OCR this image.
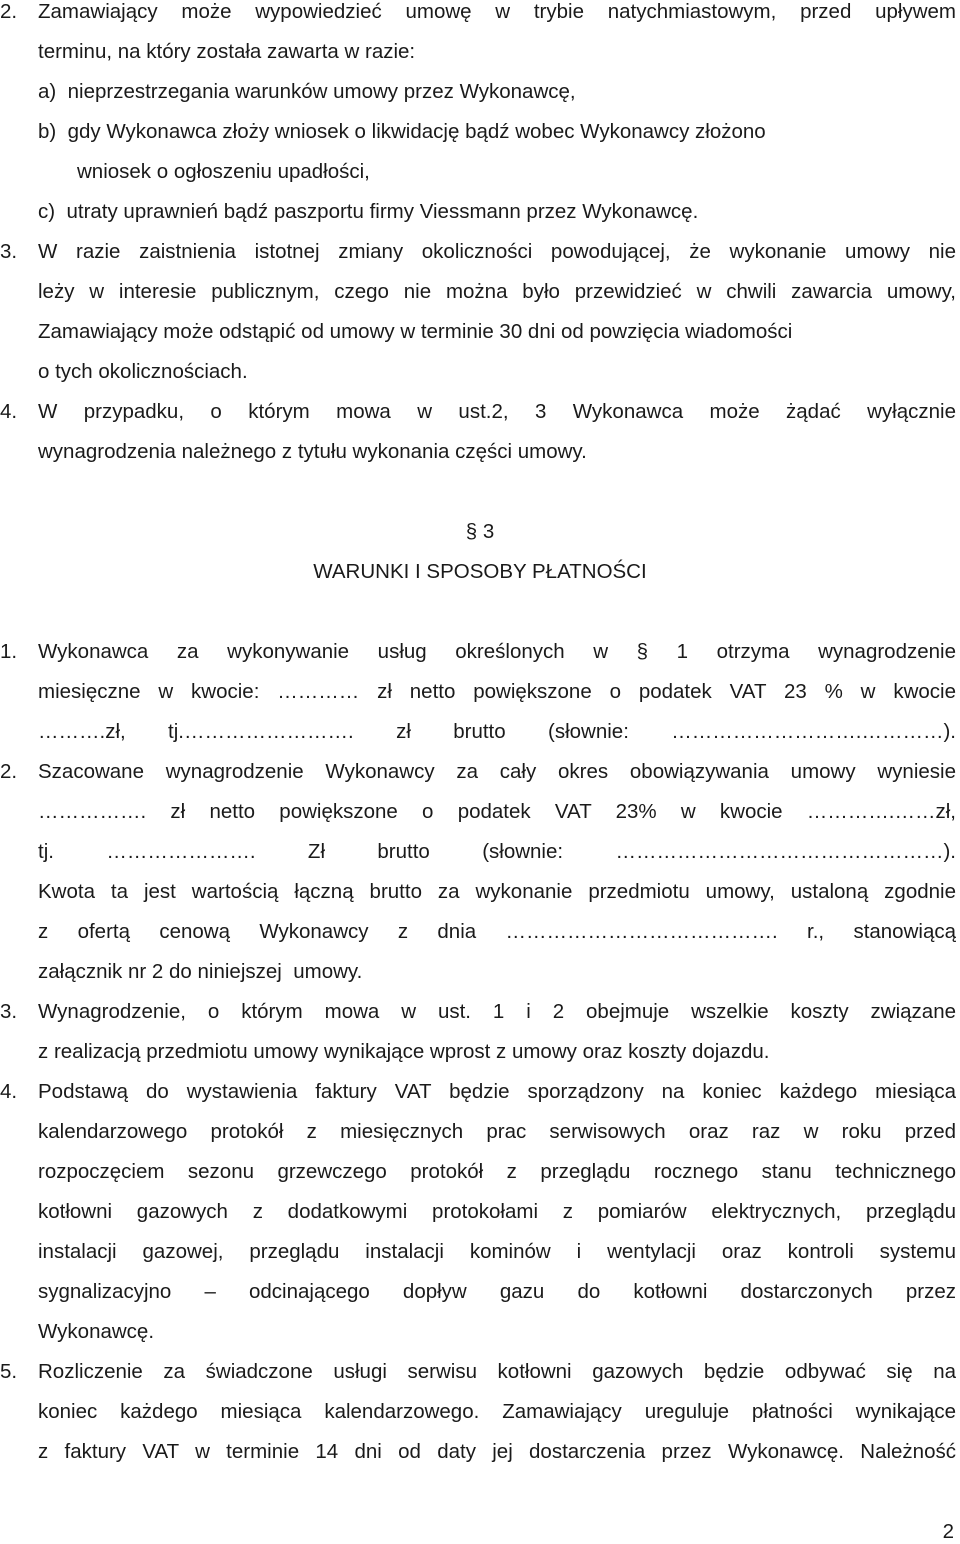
2. Zamawiający może wypowiedzieć umowę w trybie natychmiastowym, przed upływem
terminu, na który została zawarta w razie:
a)  nieprzestrzegania warunków umowy przez Wykonawcę,
b)  gdy Wykonawca złoży wniosek o likwidację bądź wobec Wykonawcy złożono
wniosek o ogłoszeniu upadłości,
c)  utraty uprawnień bądź paszportu firmy Viessmann przez Wykonawcę.
3. W razie zaistnienia istotnej zmiany okoliczności powodującej, że wykonanie umowy nie
leży w interesie publicznym, czego nie można było przewidzieć w chwili zawarcia umowy,
Zamawiający może odstąpić od umowy w terminie 30 dni od powzięcia wiadomości
o tych okolicznościach.
4. W przypadku, o którym mowa w ust.2, 3 Wykonawca może żądać wyłącznie
wynagrodzenia należnego z tytułu wykonania części umowy.
§ 3
WARUNKI I SPOSOBY PŁATNOŚCI
1. Wykonawca za wykonywanie usług określonych w § 1 otrzyma wynagrodzenie
miesięczne w kwocie: ………… zł netto powiększone o podatek VAT 23 % w kwocie
……….zł, tj.……………………. zł brutto (słownie: ……………………….…………).
2. Szacowane wynagrodzenie Wykonawcy za cały okres obowiązywania umowy wyniesie
……………. zł netto powiększone o podatek VAT 23% w kwocie ………….……zł,
tj. …………………. Zł brutto (słownie: …………………………………………).
Kwota ta jest wartością łączną brutto za wykonanie przedmiotu umowy, ustaloną zgodnie
z ofertą cenową Wykonawcy z dnia …………………………………. r., stanowiącą
załącznik nr 2 do niniejszej  umowy.
3. Wynagrodzenie, o którym mowa w ust. 1 i 2 obejmuje wszelkie koszty związane
z realizacją przedmiotu umowy wynikające wprost z umowy oraz koszty dojazdu.
4. Podstawą do wystawienia faktury VAT będzie sporządzony na koniec każdego miesiąca
kalendarzowego protokół z miesięcznych prac serwisowych oraz raz w roku przed
rozpoczęciem sezonu grzewczego protokół z przeglądu rocznego stanu technicznego
kotłowni gazowych z dodatkowymi protokołami z pomiarów elektrycznych, przeglądu
instalacji gazowej, przeglądu instalacji kominów i wentylacji oraz kontroli systemu
sygnalizacyjno – odcinającego dopływ gazu do kotłowni dostarczonych przez
Wykonawcę.
5. Rozliczenie za świadczone usługi serwisu kotłowni gazowych będzie odbywać się na
koniec każdego miesiąca kalendarzowego. Zamawiający ureguluje płatności wynikające
z faktury VAT w terminie 14 dni od daty jej dostarczenia przez Wykonawcę. Należność
2
